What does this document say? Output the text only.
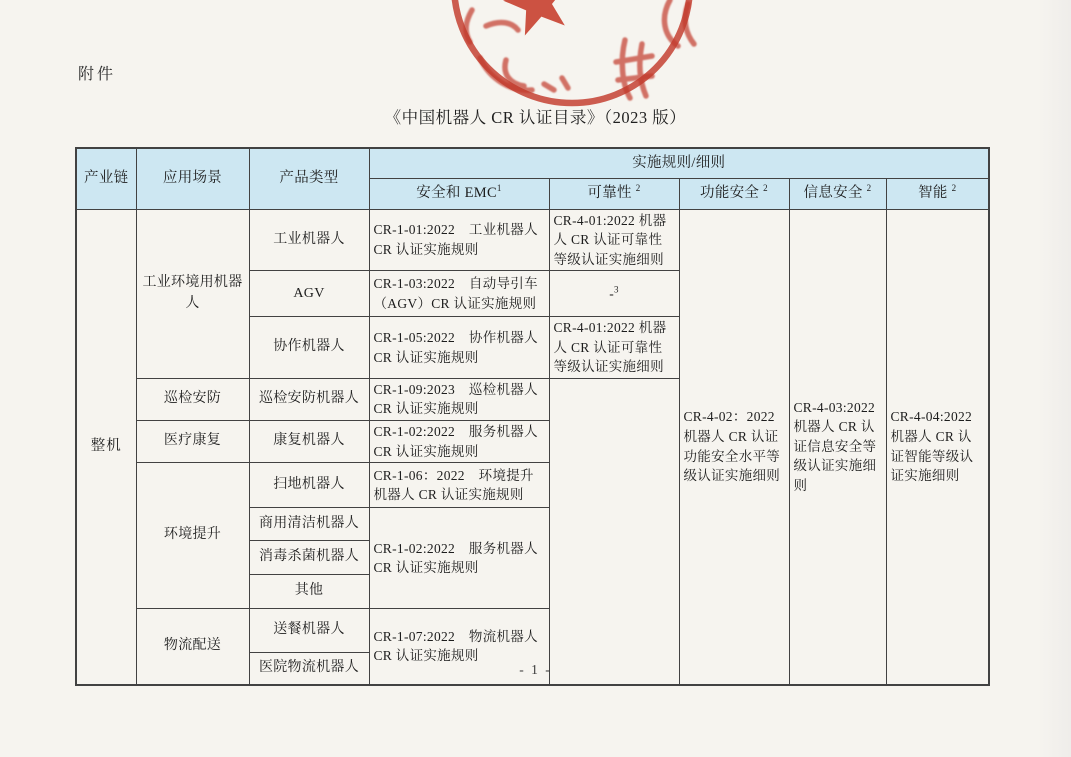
附件
《中国机器人 CR 认证目录》（2023 版）
产业链	应用场景	产品类型	实施规则/细则				
			安全和 EMC$^1$	可靠性 $^2$	功能安全 $^2$	信息安全 $^2$	智能 $^2$
整机	工业环境用机器人	工业机器人	CR-1-01:2022　工业机器人 CR 认证实施规则	CR-4-01:2022 机器人 CR 认证可靠性等级认证实施细则	CR-4-02：2022 机器人 CR 认证功能安全水平等级认证实施细则	CR-4-03:2022 机器人 CR 认证信息安全等级认证实施细则	CR-4-04:2022 机器人 CR 认证智能等级认证实施细则
		AGV	CR-1-03:2022　自动导引车（AGV）CR 认证实施规则	-$^3$
		协作机器人	CR-1-05:2022　协作机器人 CR 认证实施规则	CR-4-01:2022 机器人 CR 认证可靠性等级认证实施细则			
	巡检安防	巡检安防机器人	CR-1-09:2023　巡检机器人 CR 认证实施规则				
	医疗康复	康复机器人	CR-1-02:2022　服务机器人 CR 认证实施规则				
	环境提升	扫地机器人	CR-1-06：2022　环境提升机器人 CR 认证实施规则				
		商用清洁机器人	CR-1-02:2022　服务机器人 CR 认证实施规则				
		消毒杀菌机器人					
		其他					
	物流配送	送餐机器人	CR-1-07:2022　物流机器人 CR 认证实施规则				
		医院物流机器人						- 1 -
